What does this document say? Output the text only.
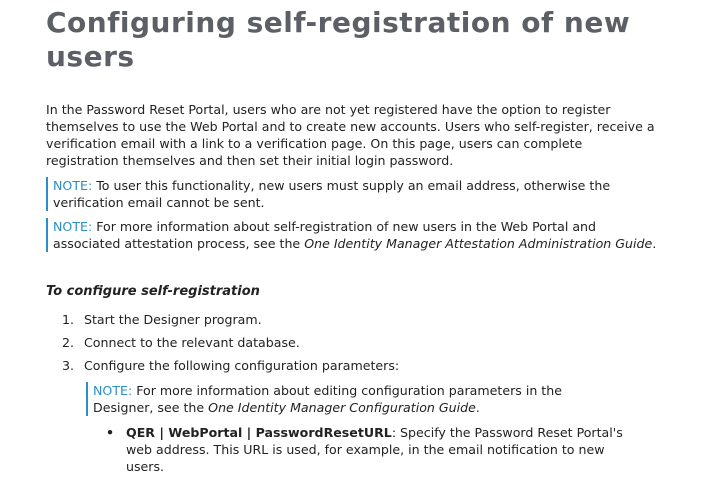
Configuring self-registration of new users

In the Password Reset Portal, users who are not yet registered have the option to register themselves to use the Web Portal and to create new accounts. Users who self-register, receive a verification email with a link to a verification page. On this page, users can complete registration themselves and then set their initial login password.

NOTE: To user this functionality, new users must supply an email address, otherwise the verification email cannot be sent.
NOTE: For more information about self-registration of new users in the Web Portal and associated attestation process, see the One Identity Manager Attestation Administration Guide.
To configure self-registration
1. Start the Designer program.
2. Connect to the relevant database.
3. Configure the following configuration parameters:
NOTE: For more information about editing configuration parameters in the Designer, see the One Identity Manager Configuration Guide.
• QER | WebPortal | PasswordResetURL: Specify the Password Reset Portal's web address. This URL is used, for example, in the email notification to new users.
